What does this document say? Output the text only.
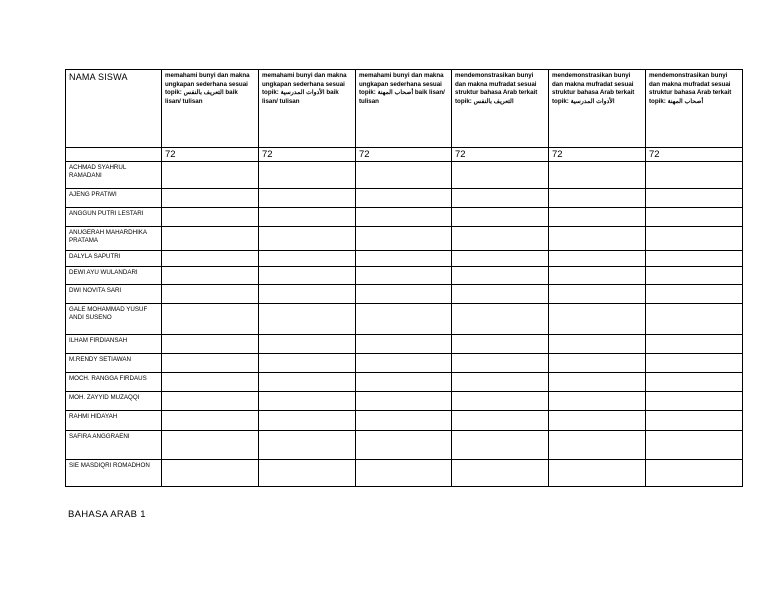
NAMA SISWA	memahami bunyi dan makna ungkapan sederhana sesuai topik: التعريف بالنفس baik lisan/ tulisan	memahami bunyi dan makna ungkapan sederhana sesuai topik: الأدوات المدرسية baik lisan/ tulisan	memahami bunyi dan makna ungkapan sederhana sesuai topik: أصحاب المهنة baik lisan/ tulisan	mendemonstrasikan bunyi dan makna mufradat sesuai struktur bahasa Arab terkait topik: التعريف بالنفس	mendemonstrasikan bunyi dan makna mufradat sesuai struktur bahasa Arab terkait topik: الأدوات المدرسية	mendemonstrasikan bunyi dan makna mufradat sesuai struktur bahasa Arab terkait topik: أصحاب المهنة
	72	72	72	72	72	72
ACHMAD SYAHRUL RAMADANI						
AJENG PRATIWI						
ANGGUN PUTRI LESTARI						
ANUGERAH MAHARDHIKA PRATAMA						
DALYLA SAPUTRI						
DEWI AYU WULANDARI						
DWI NOVITA SARI						
GALE MOHAMMAD YUSUF ANDI SUSENO						
ILHAM FIRDIANSAH						
M.RENDY SETIAWAN						
MOCH. RANGGA FIRDAUS						
MOH. ZAYYID MUZAQQI						
RAHMI HIDAYAH						
SAFIRA ANGGRAENI						
SIE MASDIQRI ROMADHON						
BAHASA ARAB 1
